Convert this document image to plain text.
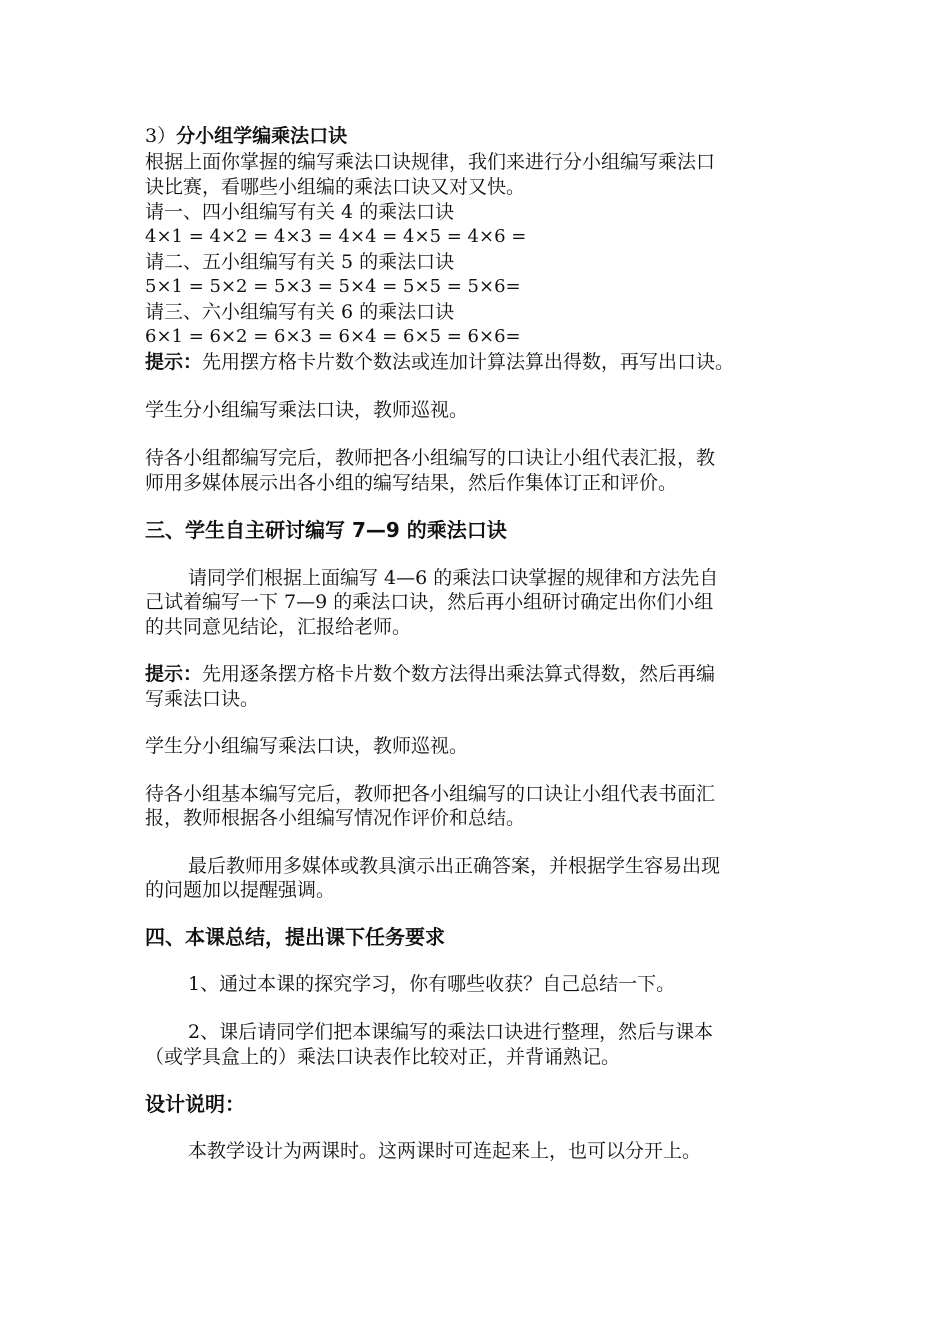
3）分小组学编乘法口诀
根据上面你掌握的编写乘法口诀规律，我们来进行分小组编写乘法口
诀比赛，看哪些小组编的乘法口诀又对又快。
请一、四小组编写有关 4 的乘法口诀
4×1 = 4×2 = 4×3 = 4×4 = 4×5 = 4×6 =
请二、五小组编写有关 5 的乘法口诀
5×1 = 5×2 = 5×3 = 5×4 = 5×5 = 5×6=
请三、六小组编写有关 6 的乘法口诀
6×1 = 6×2 = 6×3 = 6×4 = 6×5 = 6×6=
提示：先用摆方格卡片数个数法或连加计算法算出得数，再写出口诀。
学生分小组编写乘法口诀，教师巡视。
待各小组都编写完后，教师把各小组编写的口诀让小组代表汇报，教
师用多媒体展示出各小组的编写结果，然后作集体订正和评价。
三、学生自主研讨编写 7—9 的乘法口诀
请同学们根据上面编写 4—6 的乘法口诀掌握的规律和方法先自
己试着编写一下 7—9 的乘法口诀，然后再小组研讨确定出你们小组
的共同意见结论，汇报给老师。
提示：先用逐条摆方格卡片数个数方法得出乘法算式得数，然后再编
写乘法口诀。
学生分小组编写乘法口诀，教师巡视。
待各小组基本编写完后，教师把各小组编写的口诀让小组代表书面汇
报，教师根据各小组编写情况作评价和总结。
最后教师用多媒体或教具演示出正确答案，并根据学生容易出现
的问题加以提醒强调。
四、本课总结，提出课下任务要求
1、通过本课的探究学习，你有哪些收获？自己总结一下。
2、课后请同学们把本课编写的乘法口诀进行整理，然后与课本
（或学具盒上的）乘法口诀表作比较对正，并背诵熟记。
设计说明：
本教学设计为两课时。这两课时可连起来上，也可以分开上。
